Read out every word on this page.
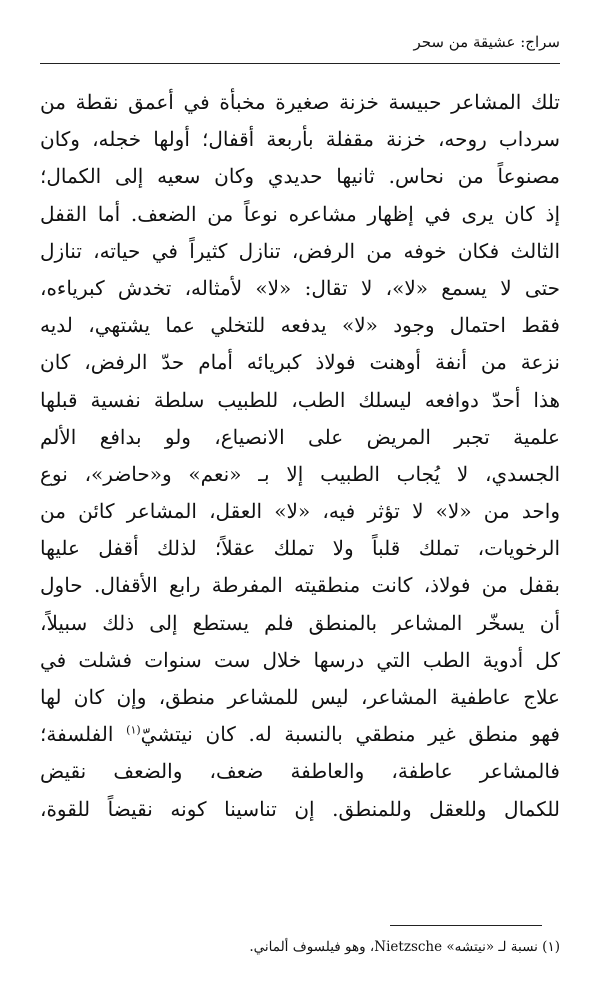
سراج: عشيقة من سحر
تلك المشاعر حبيسة خزنة صغيرة مخبأة في أعمق نقطة من
سرداب روحه، خزنة مقفلة بأربعة أقفال؛ أولها خجله، وكان
مصنوعاً من نحاس. ثانيها حديدي وكان سعيه إلى الكمال؛
إذ كان يرى في إظهار مشاعره نوعاً من الضعف. أما القفل
الثالث فكان خوفه من الرفض، تنازل كثيراً في حياته، تنازل
حتى لا يسمع «لا»، لا تقال: «لا» لأمثاله، تخدش كبرياءه،
فقط احتمال وجود «لا» يدفعه للتخلي عما يشتهي، لديه
نزعة من أنفة أوهنت فولاذ كبريائه أمام حدّ الرفض، كان
هذا أحدّ دوافعه ليسلك الطب، للطبيب سلطة نفسية قبلها
علمية تجبر المريض على الانصياع، ولو بدافع الألم
الجسدي، لا يُجاب الطبيب إلا بـ «نعم» و«حاضر»، نوع
واحد من «لا» لا تؤثر فيه، «لا» العقل، المشاعر كائن من
الرخويات، تملك قلباً ولا تملك عقلاً؛ لذلك أقفل عليها
بقفل من فولاذ، كانت منطقيته المفرطة رابع الأقفال. حاول
أن يسخّر المشاعر بالمنطق فلم يستطع إلى ذلك سبيلاً،
كل أدوية الطب التي درسها خلال ست سنوات فشلت في
علاج عاطفية المشاعر، ليس للمشاعر منطق، وإن كان لها
فهو منطق غير منطقي بالنسبة له. كان نيتشيّ$^{(١)}$ الفلسفة؛
فالمشاعر عاطفة، والعاطفة ضعف، والضعف نقيض
للكمال وللعقل وللمنطق. إن تناسينا كونه نقيضاً للقوة،
(١) نسبة لـ «نيتشه» Nietzsche، وهو فيلسوف ألماني.
